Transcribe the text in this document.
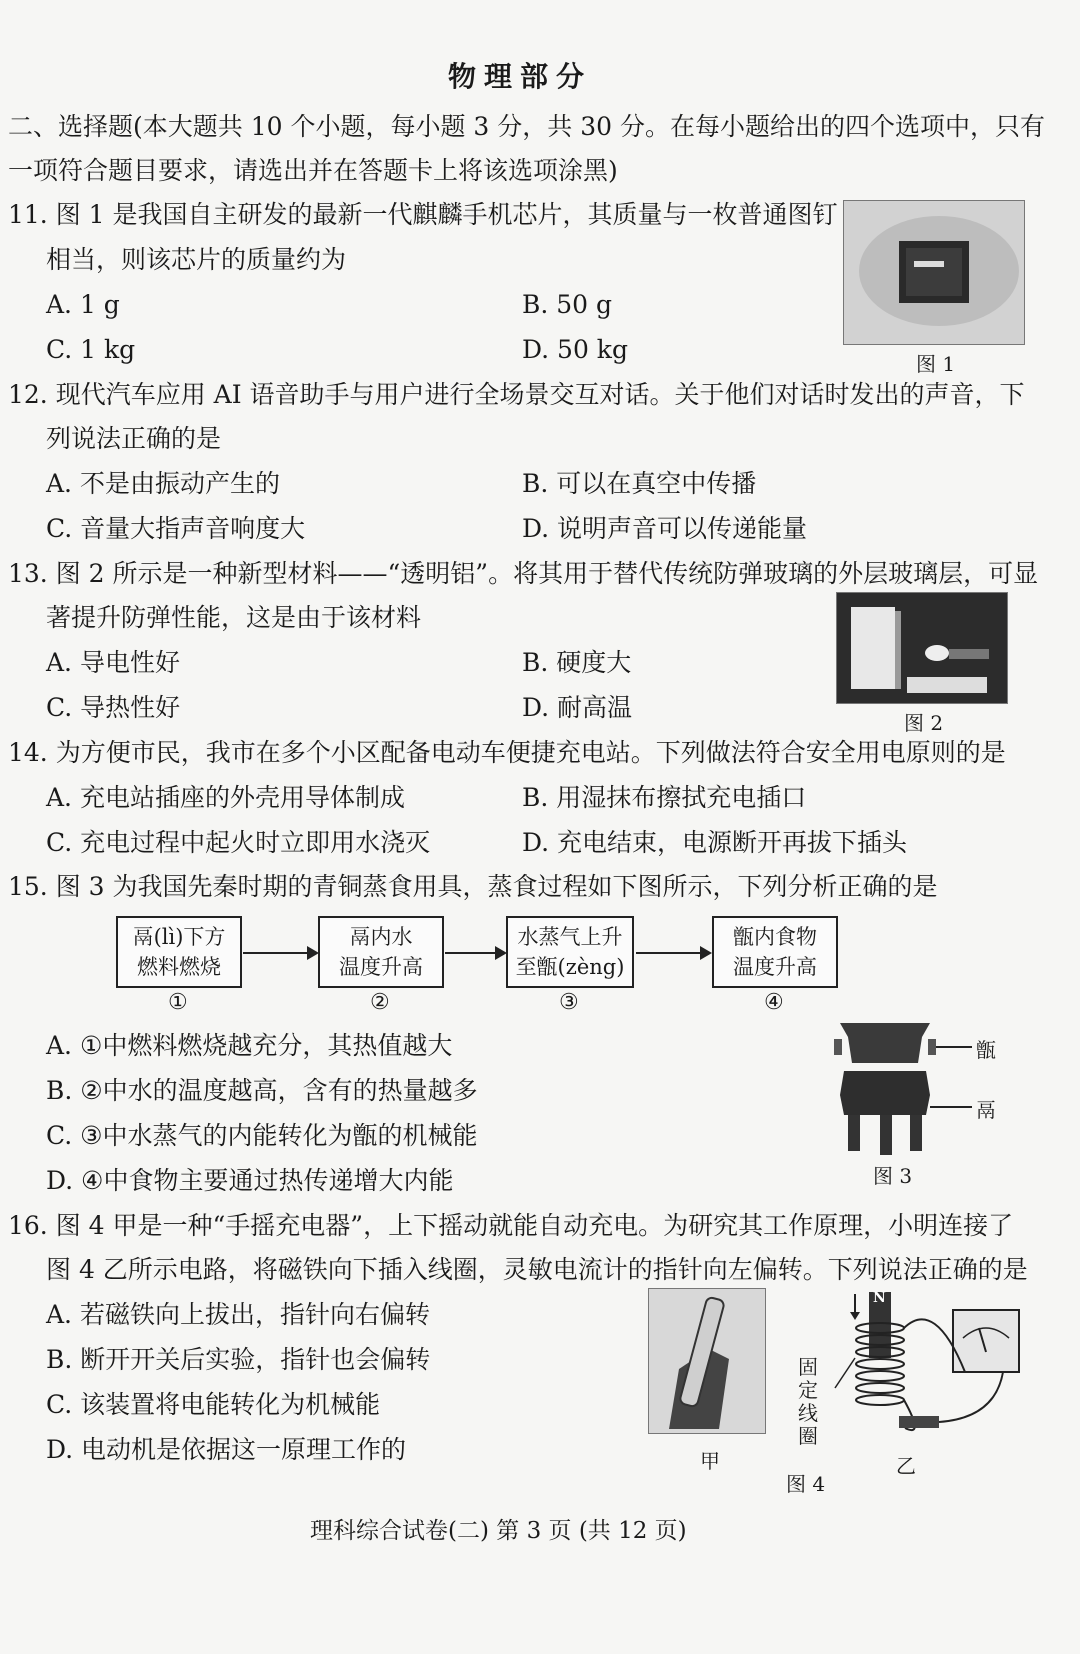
物理部分
二、选择题(本大题共 10 个小题，每小题 3 分，共 30 分。在每小题给出的四个选项中，只有
一项符合题目要求，请选出并在答题卡上将该选项涂黑)
11. 图 1 是我国自主研发的最新一代麒麟手机芯片，其质量与一枚普通图钉
相当，则该芯片的质量约为
A. 1 g	B. 50 g
C. 1 kg	D. 50 kg	图 1
12. 现代汽车应用 AI 语音助手与用户进行全场景交互对话。关于他们对话时发出的声音，下
列说法正确的是
A. 不是由振动产生的	B. 可以在真空中传播
C. 音量大指声音响度大	D. 说明声音可以传递能量
13. 图 2 所示是一种新型材料——“透明铝”。将其用于替代传统防弹玻璃的外层玻璃层，可显
著提升防弹性能，这是由于该材料
A. 导电性好	B. 硬度大
C. 导热性好	D. 耐高温
图 2
14. 为方便市民，我市在多个小区配备电动车便捷充电站。下列做法符合安全用电原则的是
A. 充电站插座的外壳用导体制成	B. 用湿抹布擦拭充电插口
C. 充电过程中起火时立即用水浇灭	D. 充电结束，电源断开再拔下插头
15. 图 3 为我国先秦时期的青铜蒸食用具，蒸食过程如下图所示，下列分析正确的是
鬲(lì)下方
燃料燃烧
鬲内水
温度升高
水蒸气上升
至甑(zèng)
甑内食物
温度升高
①	②	③	④
A. ①中燃料燃烧越充分，其热值越大
B. ②中水的温度越高，含有的热量越多
C. ③中水蒸气的内能转化为甑的机械能
D. ④中食物主要通过热传递增大内能
甑
鬲
图 3
16. 图 4 甲是一种“手摇充电器”，上下摇动就能自动充电。为研究其工作原理，小明连接了
图 4 乙所示电路，将磁铁向下插入线圈，灵敏电流计的指针向左偏转。下列说法正确的是
A. 若磁铁向上拔出，指针向右偏转
B. 断开开关后实验，指针也会偏转
C. 该装置将电能转化为机械能
D. 电动机是依据这一原理工作的	甲
固定线圈
N
乙
图 4
理科综合试卷(二) 第 3 页 (共 12 页)
